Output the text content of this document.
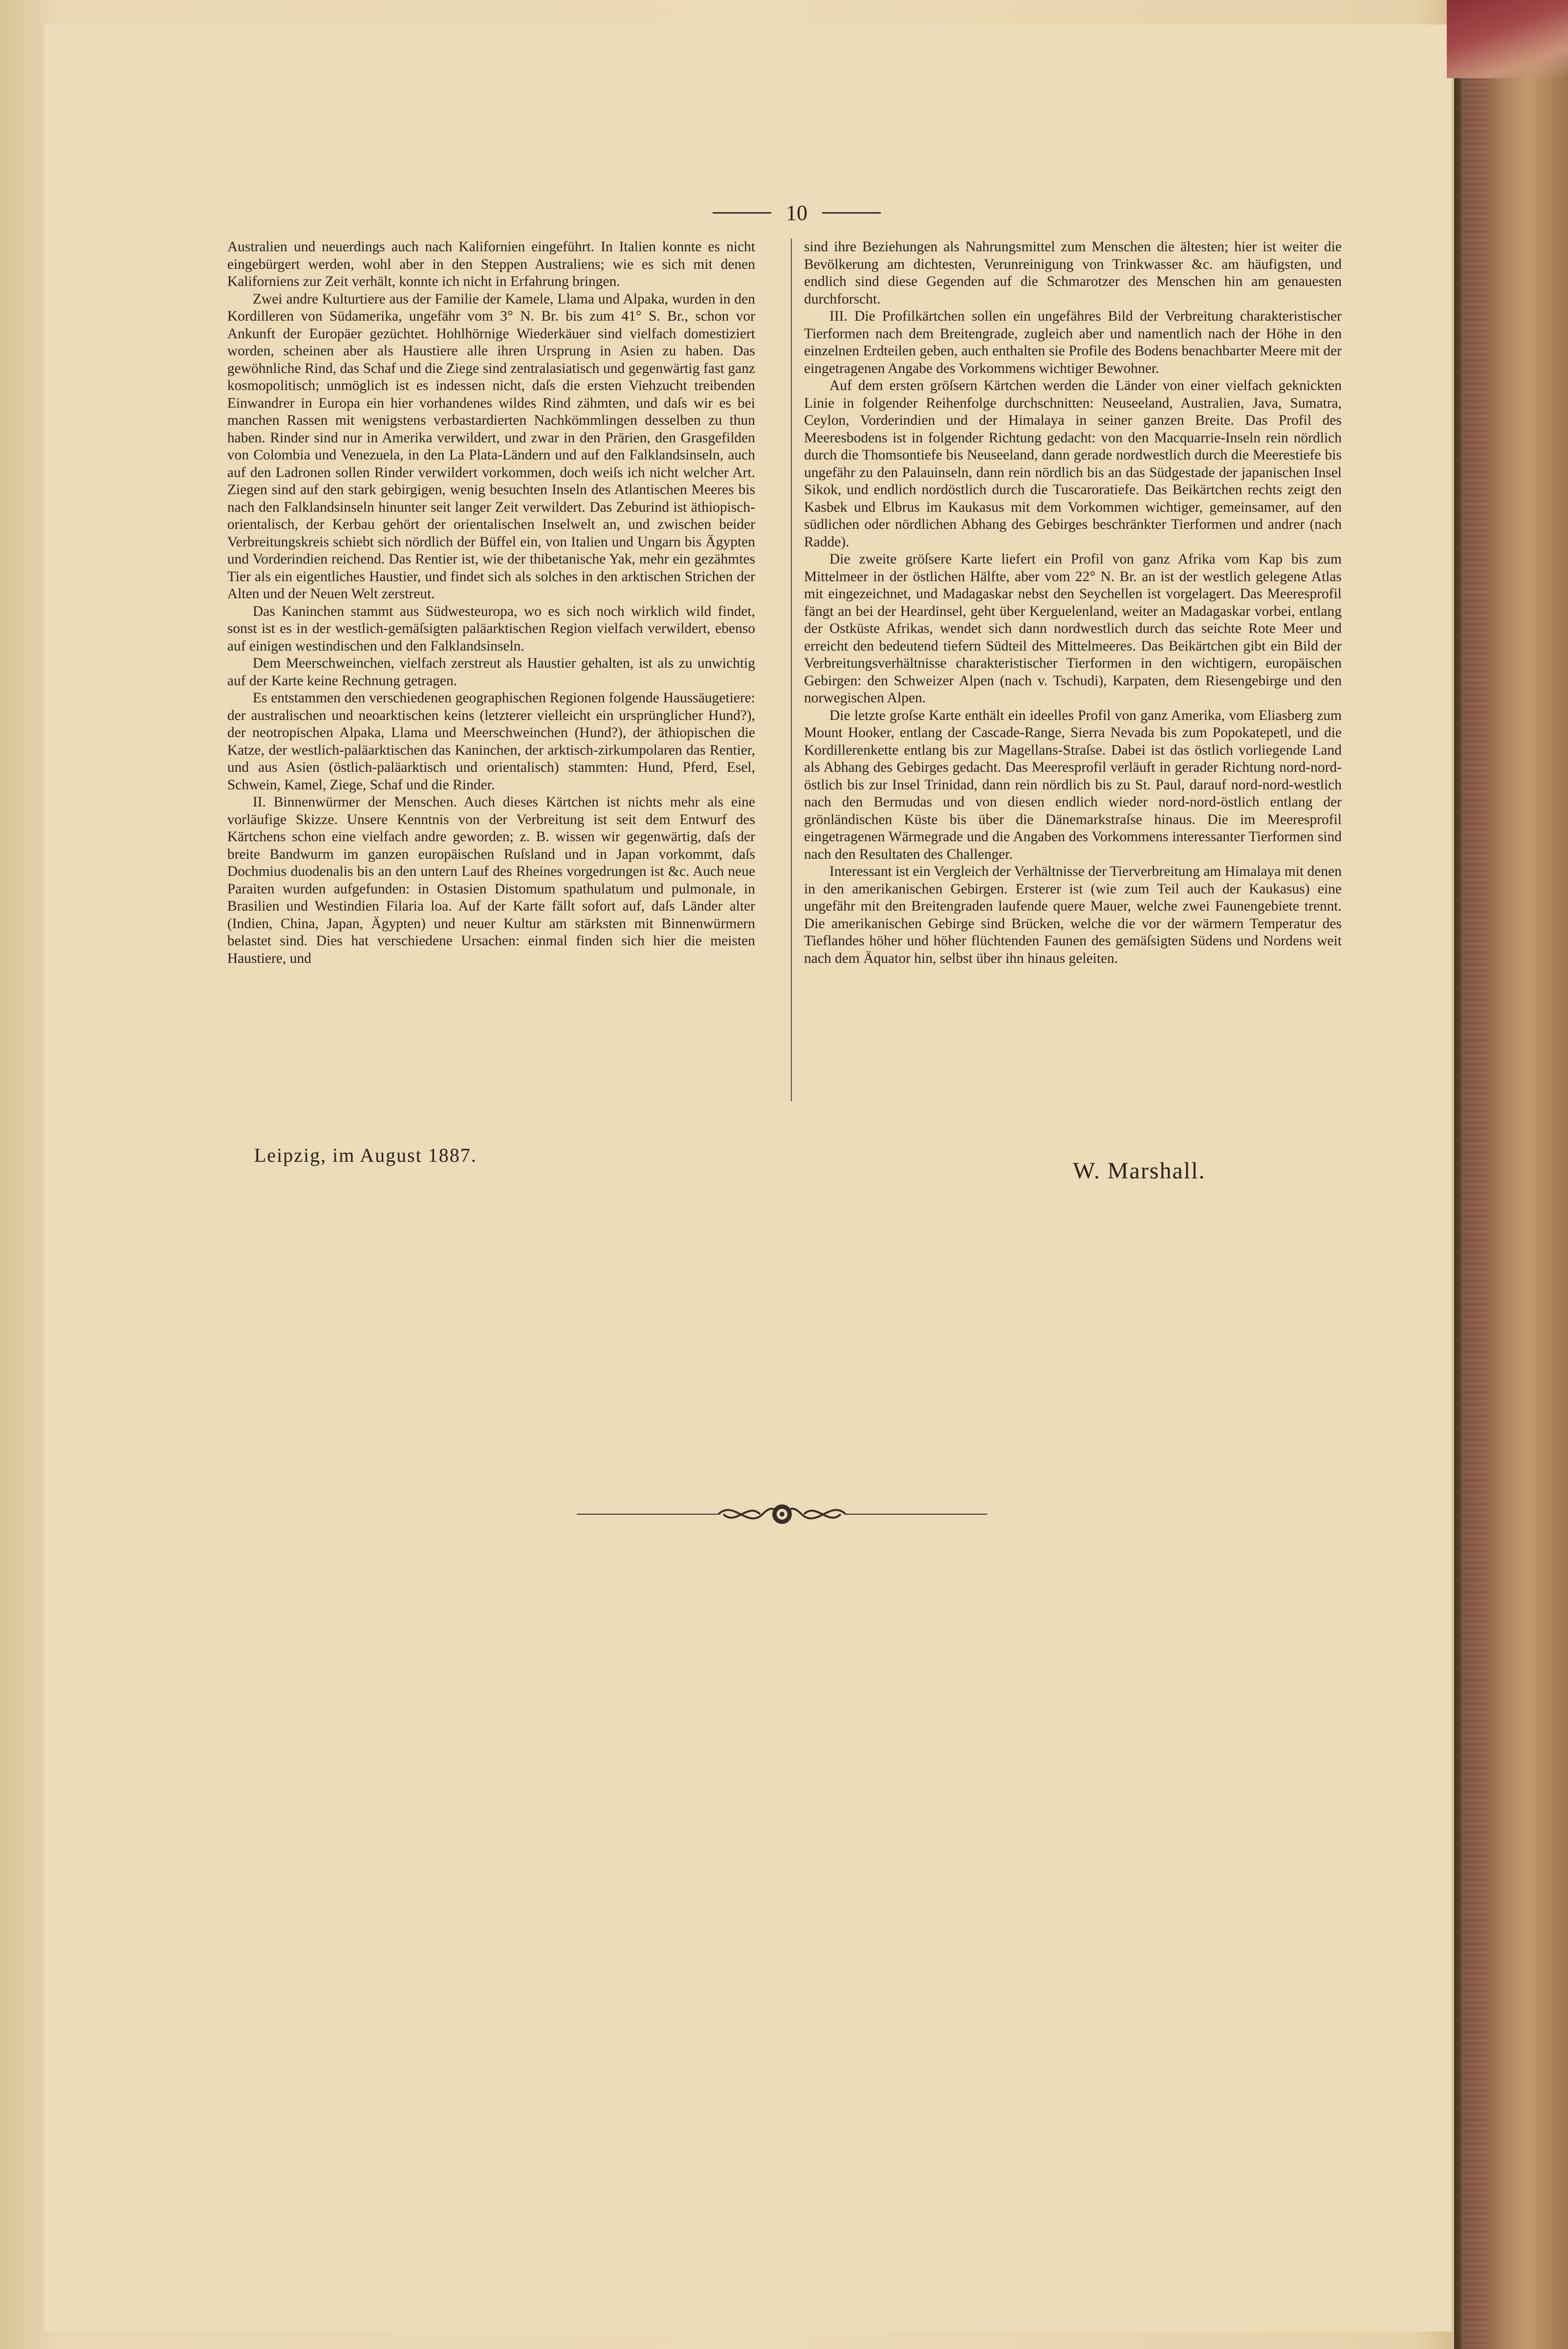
10

Australien und neuerdings auch nach Kalifornien eingeführt. In Italien konnte es nicht eingebürgert werden, wohl aber in den Steppen Australiens; wie es sich mit denen Kaliforniens zur Zeit verhält, konnte ich nicht in Erfahrung bringen.

Zwei andre Kulturtiere aus der Familie der Kamele, Llama und Alpaka, wurden in den Kordilleren von Südamerika, ungefähr vom 3° N. Br. bis zum 41° S. Br., schon vor Ankunft der Europäer gezüchtet. Hohlhörnige Wiederkäuer sind vielfach domestiziert worden, scheinen aber als Haustiere alle ihren Ursprung in Asien zu haben. Das gewöhnliche Rind, das Schaf und die Ziege sind zentralasiatisch und gegenwärtig fast ganz kosmopolitisch; unmöglich ist es indessen nicht, daſs die ersten Viehzucht treibenden Einwandrer in Europa ein hier vorhandenes wildes Rind zähmten, und daſs wir es bei manchen Rassen mit wenigstens verbastardierten Nachkömmlingen desselben zu thun haben. Rinder sind nur in Amerika verwildert, und zwar in den Prärien, den Grasgefilden von Colombia und Venezuela, in den La Plata-Ländern und auf den Falklandsinseln, auch auf den Ladronen sollen Rinder verwildert vorkommen, doch weiſs ich nicht welcher Art. Ziegen sind auf den stark gebirgigen, wenig besuchten Inseln des Atlantischen Meeres bis nach den Falklandsinseln hinunter seit langer Zeit verwildert. Das Zeburind ist äthiopisch-orientalisch, der Kerbau gehört der orientalischen Inselwelt an, und zwischen beider Verbreitungskreis schiebt sich nördlich der Büffel ein, von Italien und Ungarn bis Ägypten und Vorderindien reichend. Das Rentier ist, wie der thibetanische Yak, mehr ein gezähmtes Tier als ein eigentliches Haustier, und findet sich als solches in den arktischen Strichen der Alten und der Neuen Welt zerstreut.

Das Kaninchen stammt aus Südwesteuropa, wo es sich noch wirklich wild findet, sonst ist es in der westlich-gemäſsigten paläarktischen Region vielfach verwildert, ebenso auf einigen westindischen und den Falklandsinseln.

Dem Meerschweinchen, vielfach zerstreut als Haustier gehalten, ist als zu unwichtig auf der Karte keine Rechnung getragen.

Es entstammen den verschiedenen geographischen Regionen folgende Haussäugetiere: der australischen und neoarktischen keins (letzterer vielleicht ein ursprünglicher Hund?), der neotropischen Alpaka, Llama und Meerschweinchen (Hund?), der äthiopischen die Katze, der westlich-paläarktischen das Kaninchen, der arktisch-zirkumpolaren das Rentier, und aus Asien (östlich-paläarktisch und orientalisch) stammten: Hund, Pferd, Esel, Schwein, Kamel, Ziege, Schaf und die Rinder.

II. Binnenwürmer der Menschen. Auch dieses Kärtchen ist nichts mehr als eine vorläufige Skizze. Unsere Kenntnis von der Verbreitung ist seit dem Entwurf des Kärtchens schon eine vielfach andre geworden; z. B. wissen wir gegenwärtig, daſs der breite Bandwurm im ganzen europäischen Ruſsland und in Japan vorkommt, daſs Dochmius duodenalis bis an den untern Lauf des Rheines vorgedrungen ist &c. Auch neue Paraiten wurden aufgefunden: in Ostasien Distomum spathulatum und pulmonale, in Brasilien und Westindien Filaria loa. Auf der Karte fällt sofort auf, daſs Länder alter (Indien, China, Japan, Ägypten) und neuer Kultur am stärksten mit Binnenwürmern belastet sind. Dies hat verschiedene Ursachen: einmal finden sich hier die meisten Haustiere, und

sind ihre Beziehungen als Nahrungsmittel zum Menschen die ältesten; hier ist weiter die Bevölkerung am dichtesten, Verunreinigung von Trinkwasser &c. am häufigsten, und endlich sind diese Gegenden auf die Schmarotzer des Menschen hin am genauesten durchforscht.

III. Die Profilkärtchen sollen ein ungefähres Bild der Verbreitung charakteristischer Tierformen nach dem Breitengrade, zugleich aber und namentlich nach der Höhe in den einzelnen Erdteilen geben, auch enthalten sie Profile des Bodens benachbarter Meere mit der eingetragenen Angabe des Vorkommens wichtiger Bewohner.

Auf dem ersten gröſsern Kärtchen werden die Länder von einer vielfach geknickten Linie in folgender Reihenfolge durchschnitten: Neuseeland, Australien, Java, Sumatra, Ceylon, Vorderindien und der Himalaya in seiner ganzen Breite. Das Profil des Meeresbodens ist in folgender Richtung gedacht: von den Macquarrie-Inseln rein nördlich durch die Thomsontiefe bis Neuseeland, dann gerade nordwestlich durch die Meerestiefe bis ungefähr zu den Palauinseln, dann rein nördlich bis an das Südgestade der japanischen Insel Sikok, und endlich nordöstlich durch die Tuscaroratiefe. Das Beikärtchen rechts zeigt den Kasbek und Elbrus im Kaukasus mit dem Vorkommen wichtiger, gemeinsamer, auf den südlichen oder nördlichen Abhang des Gebirges beschränkter Tierformen und andrer (nach Radde).

Die zweite gröſsere Karte liefert ein Profil von ganz Afrika vom Kap bis zum Mittelmeer in der östlichen Hälfte, aber vom 22° N. Br. an ist der westlich gelegene Atlas mit eingezeichnet, und Madagaskar nebst den Seychellen ist vorgelagert. Das Meeresprofil fängt an bei der Heardinsel, geht über Kerguelenland, weiter an Madagaskar vorbei, entlang der Ostküste Afrikas, wendet sich dann nordwestlich durch das seichte Rote Meer und erreicht den bedeutend tiefern Südteil des Mittelmeeres. Das Beikärtchen gibt ein Bild der Verbreitungsverhältnisse charakteristischer Tierformen in den wichtigern, europäischen Gebirgen: den Schweizer Alpen (nach v. Tschudi), Karpaten, dem Riesengebirge und den norwegischen Alpen.

Die letzte groſse Karte enthält ein ideelles Profil von ganz Amerika, vom Eliasberg zum Mount Hooker, entlang der Cascade-Range, Sierra Nevada bis zum Popokatepetl, und die Kordillerenkette entlang bis zur Magellans-Straſse. Dabei ist das östlich vorliegende Land als Abhang des Gebirges gedacht. Das Meeresprofil verläuft in gerader Richtung nord-nord-östlich bis zur Insel Trinidad, dann rein nördlich bis zu St. Paul, darauf nord-nord-westlich nach den Bermudas und von diesen endlich wieder nord-nord-östlich entlang der grönländischen Küste bis über die Dänemarkstraſse hinaus. Die im Meeresprofil eingetragenen Wärmegrade und die Angaben des Vorkommens interessanter Tierformen sind nach den Resultaten des Challenger.

Interessant ist ein Vergleich der Verhältnisse der Tierverbreitung am Himalaya mit denen in den amerikanischen Gebirgen. Ersterer ist (wie zum Teil auch der Kaukasus) eine ungefähr mit den Breitengraden laufende quere Mauer, welche zwei Faunengebiete trennt. Die amerikanischen Gebirge sind Brücken, welche die vor der wärmern Temperatur des Tieflandes höher und höher flüchtenden Faunen des gemäſsigten Südens und Nordens weit nach dem Äquator hin, selbst über ihn hinaus geleiten.

Leipzig, im August 1887.
W. Marshall.
